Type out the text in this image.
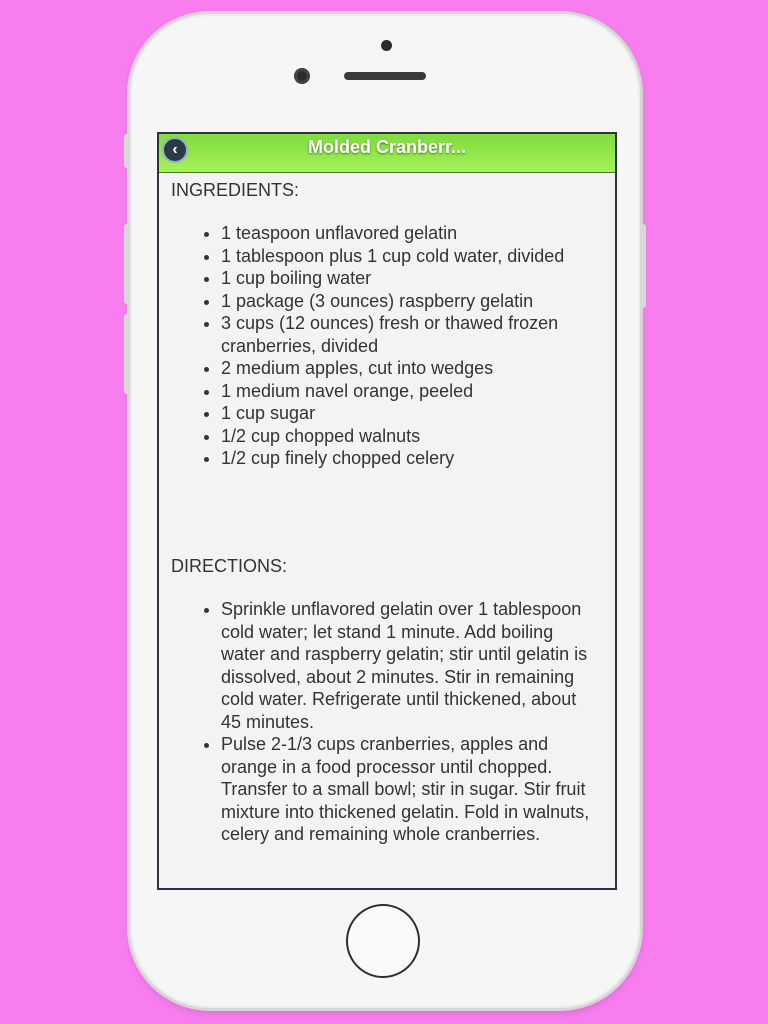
‹	Molded Cranberr...
INGREDIENTS:
• 1 teaspoon unflavored gelatin
• 1 tablespoon plus 1 cup cold water, divided
• 1 cup boiling water
• 1 package (3 ounces) raspberry gelatin
• 3 cups (12 ounces) fresh or thawed frozen cranberries, divided
• 2 medium apples, cut into wedges
• 1 medium navel orange, peeled
• 1 cup sugar
• 1/2 cup chopped walnuts
• 1/2 cup finely chopped celery
DIRECTIONS:
• Sprinkle unflavored gelatin over 1 tablespoon cold water; let stand 1 minute. Add boiling water and raspberry gelatin; stir until gelatin is dissolved, about 2 minutes. Stir in remaining cold water. Refrigerate until thickened, about 45 minutes.
• Pulse 2-1/3 cups cranberries, apples and orange in a food processor until chopped. Transfer to a small bowl; stir in sugar. Stir fruit mixture into thickened gelatin. Fold in walnuts, celery and remaining whole cranberries.
